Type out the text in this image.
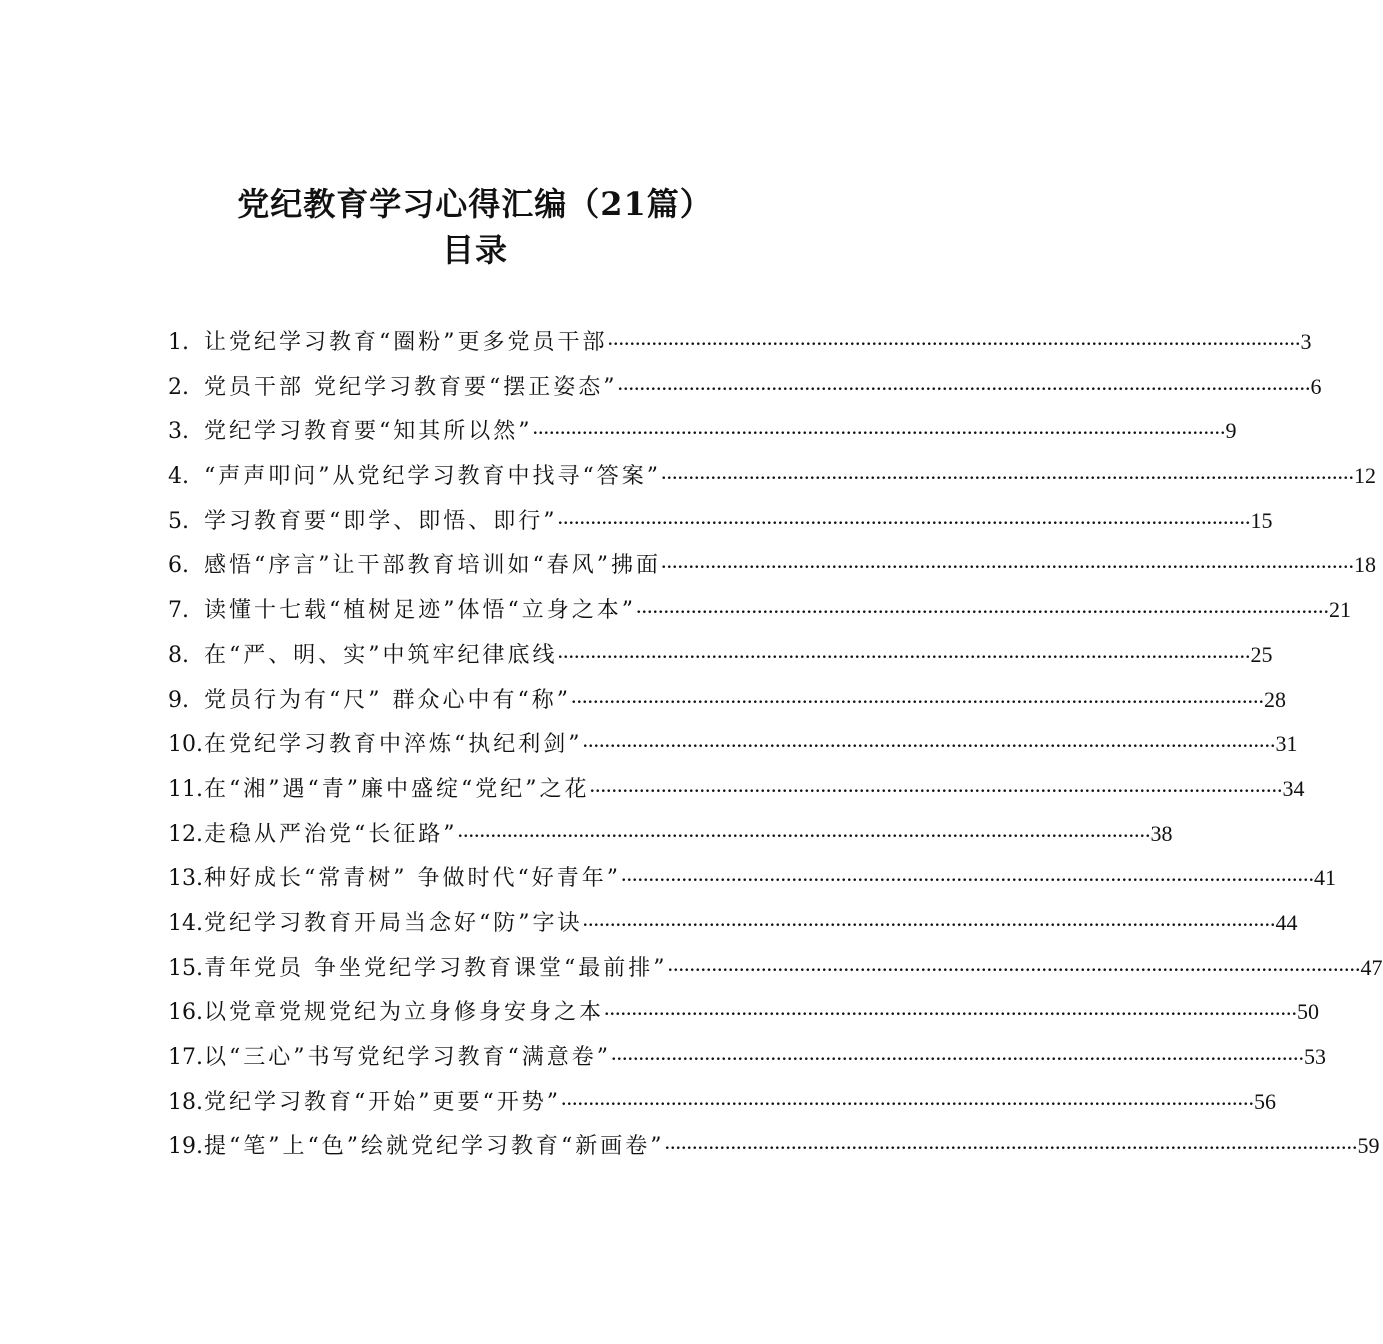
党纪教育学习心得汇编（21篇）
目录
1. 让党纪学习教育“圈粉”更多党员干部 .....	3
2. 党员干部 党纪学习教育要“摆正姿态” .....	6
3. 党纪学习教育要“知其所以然” .....	9
4. “声声叩问”从党纪学习教育中找寻“答案” .....	12
5. 学习教育要“即学、即悟、即行” .....	15
6. 感悟“序言”让干部教育培训如“春风”拂面 .....	18
7. 读懂十七载“植树足迹”体悟“立身之本” .....	21
8. 在“严、明、实”中筑牢纪律底线 .....	25
9. 党员行为有“尺” 群众心中有“称” .....	28
10. 在党纪学习教育中淬炼“执纪利剑” .....	31
11. 在“湘”遇“青”廉中盛绽“党纪”之花 .....	34
12. 走稳从严治党“长征路” .....	38
13. 种好成长“常青树” 争做时代“好青年” .....	41
14. 党纪学习教育开局当念好“防”字诀 .....	44
15. 青年党员 争坐党纪学习教育课堂“最前排” .....	47
16. 以党章党规党纪为立身修身安身之本 .....	50
17. 以“三心”书写党纪学习教育“满意卷” .....	53
18. 党纪学习教育“开始”更要“开势” .....	56
19. 提“笔”上“色”绘就党纪学习教育“新画卷” .....	59
